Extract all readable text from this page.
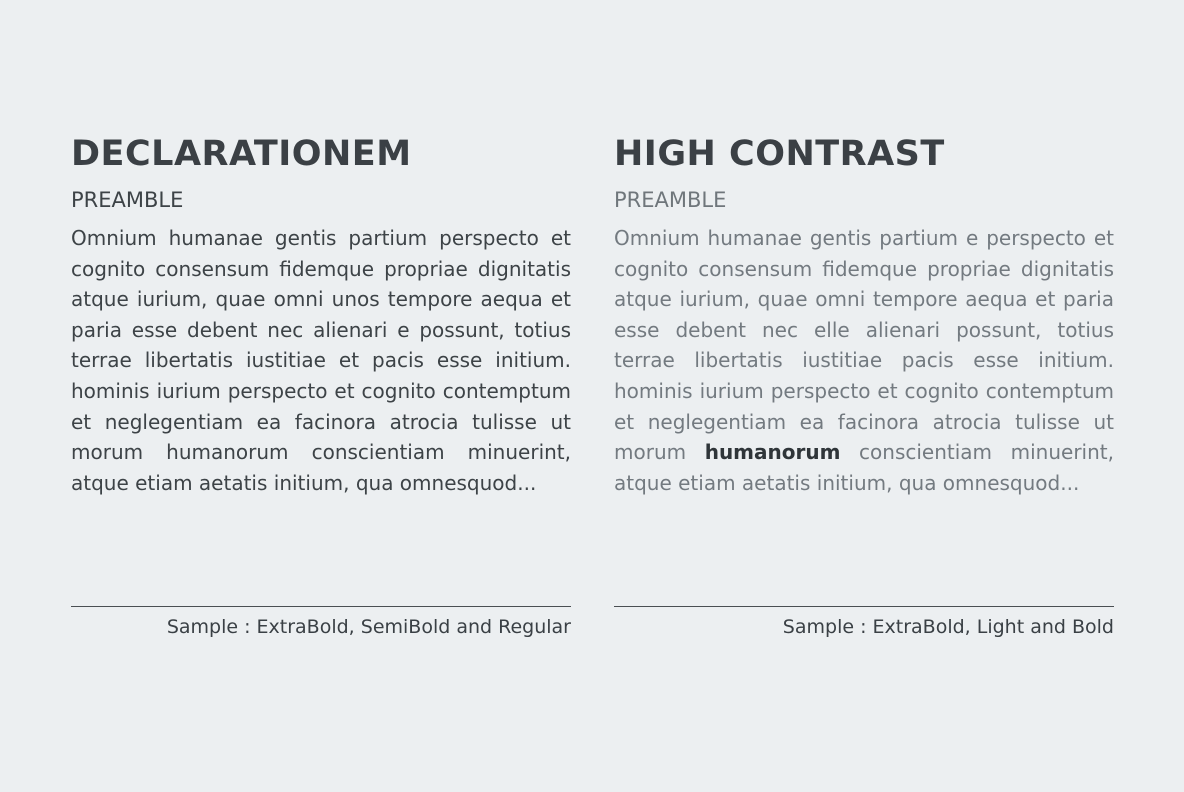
DECLARATIONEM
PREAMBLE

Omnium humanae gentis partium perspecto et cognito consensum fidemque propriae dignitatis atque iurium, quae omni unos tempore aequa et paria esse debent nec alienari e possunt, totius terrae libertatis iustitiae et pacis esse initium. hominis iurium perspecto et cognito contemptum et neglegentiam ea facinora atrocia tulisse ut morum humanorum conscientiam minuerint, atque etiam aetatis initium, qua omnesquod...

HIGH CONTRAST
PREAMBLE

Omnium humanae gentis partium e perspecto et cognito consensum fidemque propriae dignitatis atque iurium, quae omni tempore aequa et paria esse debent nec elle alienari possunt, totius terrae libertatis iustitiae pacis esse initium. hominis iurium perspecto et cognito contemptum et neglegentiam ea facinora atrocia tulisse ut morum humanorum conscientiam minuerint, atque etiam aetatis initium, qua omnesquod...

Sample : ExtraBold, SemiBold and Regular	Sample : ExtraBold, Light and Bold
